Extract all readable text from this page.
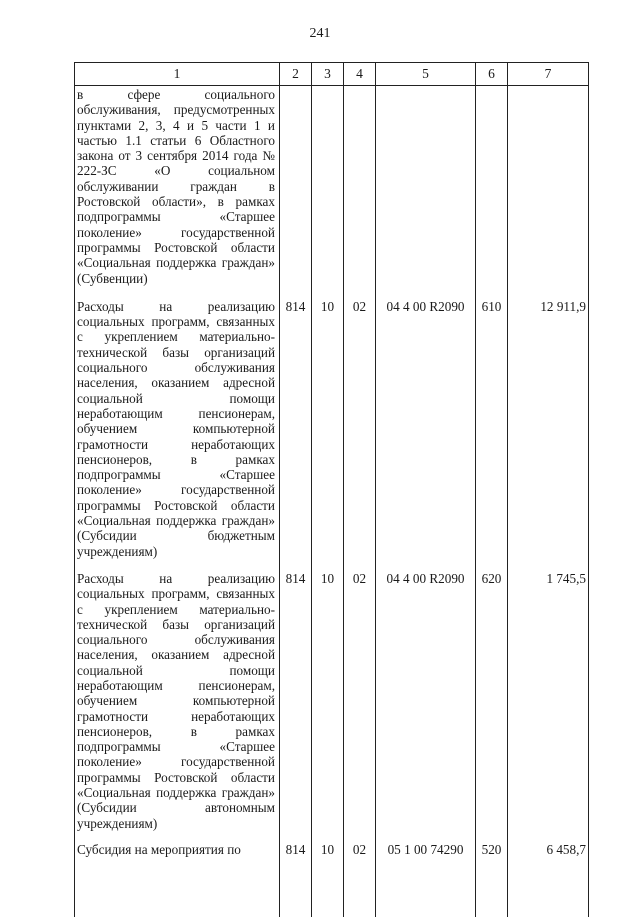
241
1	2	3	4	5	6	7
в сфере социального обслуживания, предусмотренных пунктами 2, 3, 4 и 5 части 1 и частью 1.1 статьи 6 Областного закона от 3 сентября 2014 года № 222-ЗС «О социальном обслуживании граждан в Ростовской области», в рамках подпрограммы «Старшее поколение» государственной программы Ростовской области «Социальная поддержка граждан» (Субвенции)						
Расходы на реализацию социальных программ, связанных с укреплением материально-технической базы организаций социального обслуживания населения, оказанием адресной социальной помощи неработающим пенсионерам, обучением компьютерной грамотности неработающих пенсионеров, в рамках подпрограммы «Старшее поколение» государственной программы Ростовской области «Социальная поддержка граждан» (Субсидии бюджетным учреждениям)	814	10	02	04 4 00 R2090	610	12 911,9
Расходы на реализацию социальных программ, связанных с укреплением материально-технической базы организаций социального обслуживания населения, оказанием адресной социальной помощи неработающим пенсионерам, обучением компьютерной грамотности неработающих пенсионеров, в рамках подпрограммы «Старшее поколение» государственной программы Ростовской области «Социальная поддержка граждан» (Субсидии автономным учреждениям)	814	10	02	04 4 00 R2090	620	1 745,5
Субсидия на мероприятия по	814	10	02	05 1 00 74290	520	6 458,7
